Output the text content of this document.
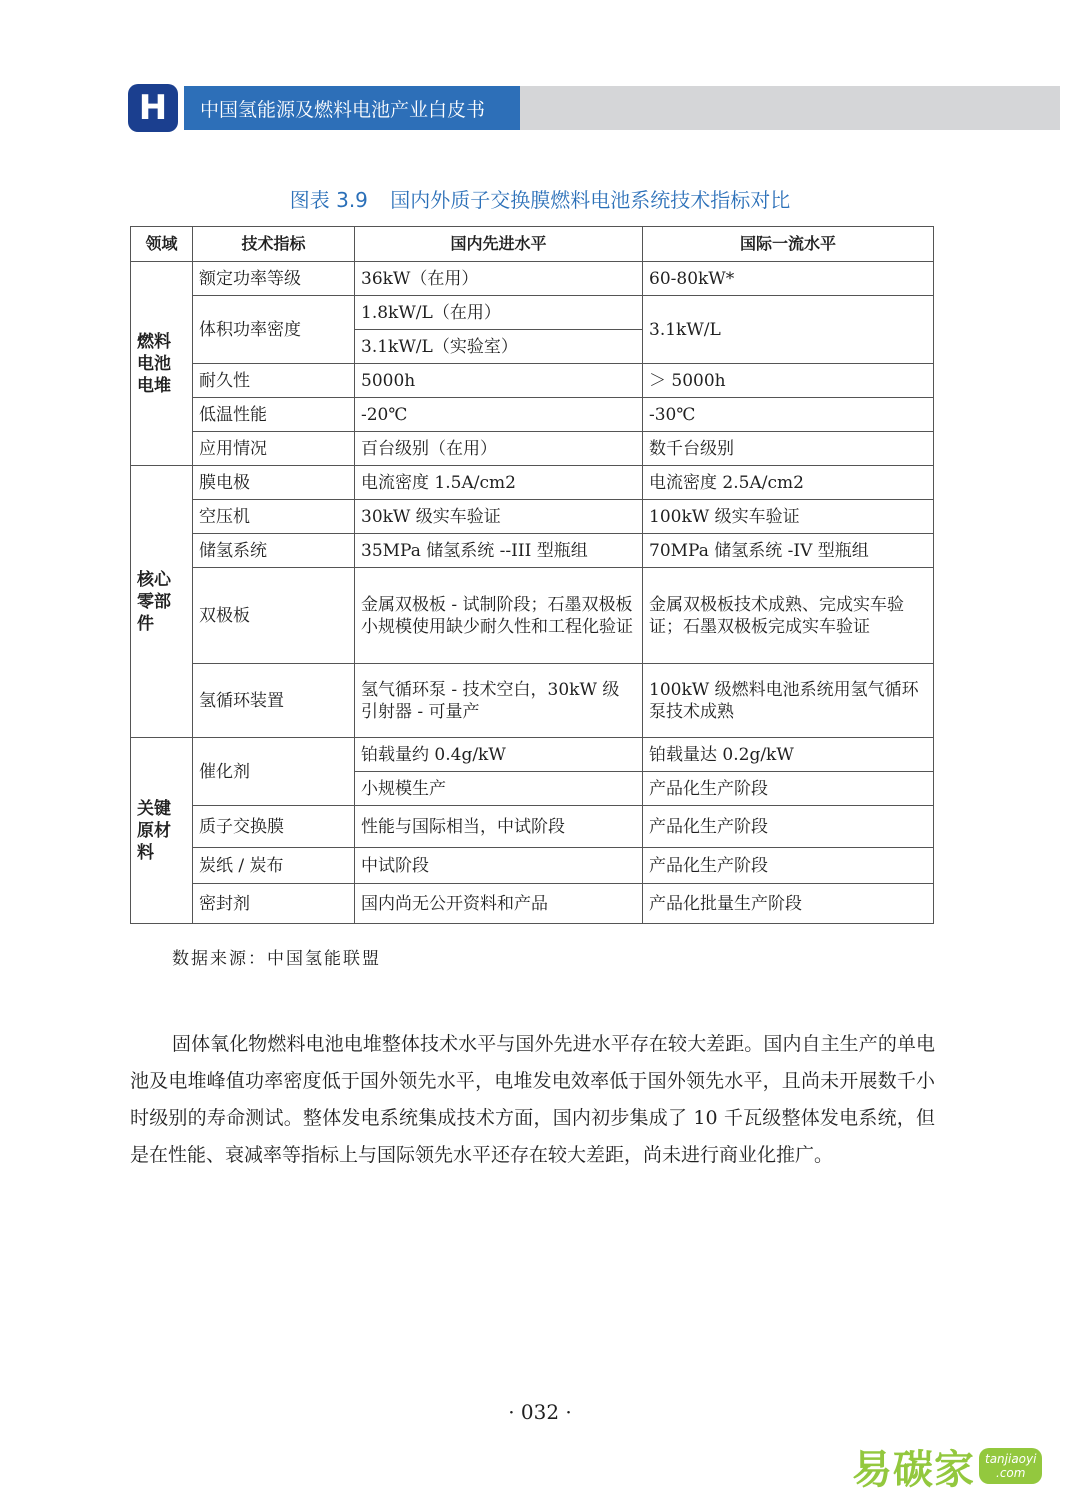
H 中国氢能源及燃料电池产业白皮书
图表 3.9 国内外质子交换膜燃料电池系统技术指标对比
领域	技术指标	国内先进水平	国际一流水平
燃料电池电堆	额定功率等级	36kW（在用）	60-80kW*
	体积功率密度	1.8kW/L（在用）	3.1kW/L
		3.1kW/L（实验室）	
	耐久性	5000h	＞ 5000h
	低温性能	-20℃	-30℃
	应用情况	百台级别（在用）	数千台级别
核心零部件	膜电极	电流密度 1.5A/cm2	电流密度 2.5A/cm2
	空压机	30kW 级实车验证	100kW 级实车验证
	储氢系统	35MPa 储氢系统 --III 型瓶组	70MPa 储氢系统 -IV 型瓶组
	双极板	金属双极板 - 试制阶段；石墨双极板小规模使用缺少耐久性和工程化验证	金属双极板技术成熟、完成实车验证；石墨双极板完成实车验证
	氢循环装置	氢气循环泵 - 技术空白，30kW 级引射器 - 可量产	100kW 级燃料电池系统用氢气循环泵技术成熟
关键原材料	催化剂	铂载量约 0.4g/kW	铂载量达 0.2g/kW
		小规模生产	产品化生产阶段
	质子交换膜	性能与国际相当，中试阶段	产品化生产阶段
	炭纸 / 炭布	中试阶段	产品化生产阶段
	密封剂	国内尚无公开资料和产品	产品化批量生产阶段
数据来源：中国氢能联盟
固体氧化物燃料电池电堆整体技术水平与国外先进水平存在较大差距。国内自主生产的单电池及电堆峰值功率密度低于国外领先水平，电堆发电效率低于国外领先水平，且尚未开展数千小时级别的寿命测试。整体发电系统集成技术方面，国内初步集成了 10 千瓦级整体发电系统，但是在性能、衰减率等指标上与国际领先水平还存在较大差距，尚未进行商业化推广。
· 032 ·
易碳家 tanjiaoyi
.com
